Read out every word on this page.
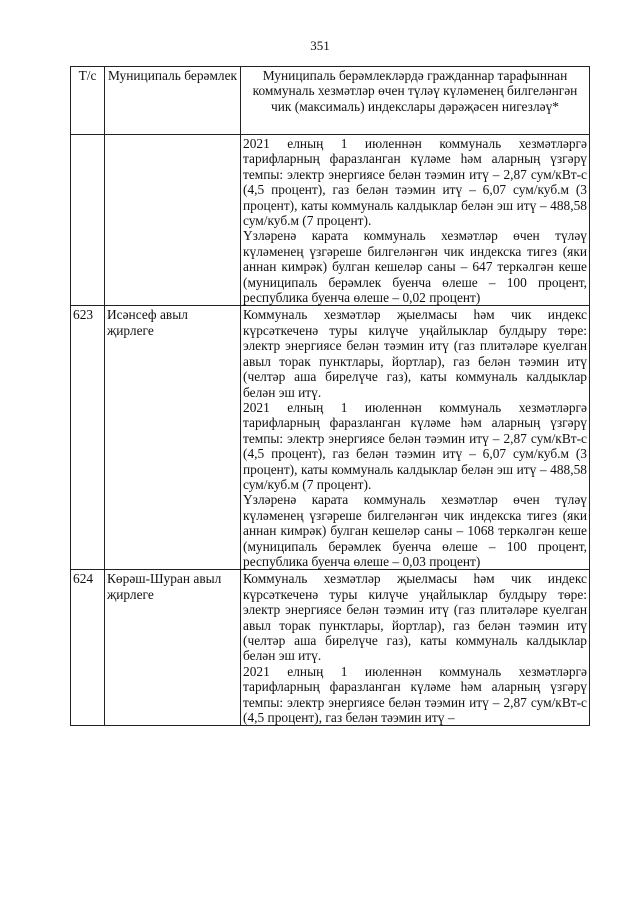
351
Т/с	Муниципаль берәмлек	Муниципаль берәмлекләрдә гражданнар тарафыннан коммуналь хезмәтләр өчен түләү күләменең билгеләнгән чик (максималь) индекслары дәрәҗәсен нигезләү*

		2021 елның 1 июленнән коммуналь хезмәтләргә тарифларның фаразланган күләме һәм аларның үзгәрү темпы: электр энергиясе белән тәэмин итү – 2,87 сум/кВт-с (4,5 процент), газ белән тәэмин итү – 6,07 сум/куб.м (3 процент), каты коммуналь калдыклар белән эш итү – 488,58 сум/куб.м (7 процент).
Үзләренә карата коммуналь хезмәтләр өчен түләү күләменең үзгәреше билгеләнгән чик индекска тигез (яки аннан кимрәк) булган кешеләр саны – 647 теркәлгән кеше (муниципаль берәмлек буенча өлеше – 100 процент, республика буенча өлеше – 0,02 процент)

623	Исәнсеф авыл җирлеге	Коммуналь хезмәтләр җыелмасы һәм чик индекс күрсәткеченә туры килүче уңайлыклар булдыру төре: электр энергиясе белән тәэмин итү (газ плитәләре куелган авыл торак пунктлары, йортлар), газ белән тәэмин итү (челтәр аша бирелүче газ), каты коммуналь калдыклар белән эш итү.
2021 елның 1 июленнән коммуналь хезмәтләргә тарифларның фаразланган күләме һәм аларның үзгәрү темпы: электр энергиясе белән тәэмин итү – 2,87 сум/кВт-с (4,5 процент), газ белән тәэмин итү – 6,07 сум/куб.м (3 процент), каты коммуналь калдыклар белән эш итү – 488,58 сум/куб.м (7 процент).
Үзләренә карата коммуналь хезмәтләр өчен түләү күләменең үзгәреше билгеләнгән чик индекска тигез (яки аннан кимрәк) булган кешеләр саны – 1068 теркәлгән кеше (муниципаль берәмлек буенча өлеше – 100 процент, республика буенча өлеше – 0,03 процент)

624	Көрәш-Шуран авыл җирлеге	Коммуналь хезмәтләр җыелмасы һәм чик индекс күрсәткеченә туры килүче уңайлыклар булдыру төре: электр энергиясе белән тәэмин итү (газ плитәләре куелган авыл торак пунктлары, йортлар), газ белән тәэмин итү (челтәр аша бирелүче газ), каты коммуналь калдыклар белән эш итү.
2021 елның 1 июленнән коммуналь хезмәтләргә тарифларның фаразланган күләме һәм аларның үзгәрү темпы: электр энергиясе белән тәэмин итү – 2,87 сум/кВт-с (4,5 процент), газ белән тәэмин итү –
